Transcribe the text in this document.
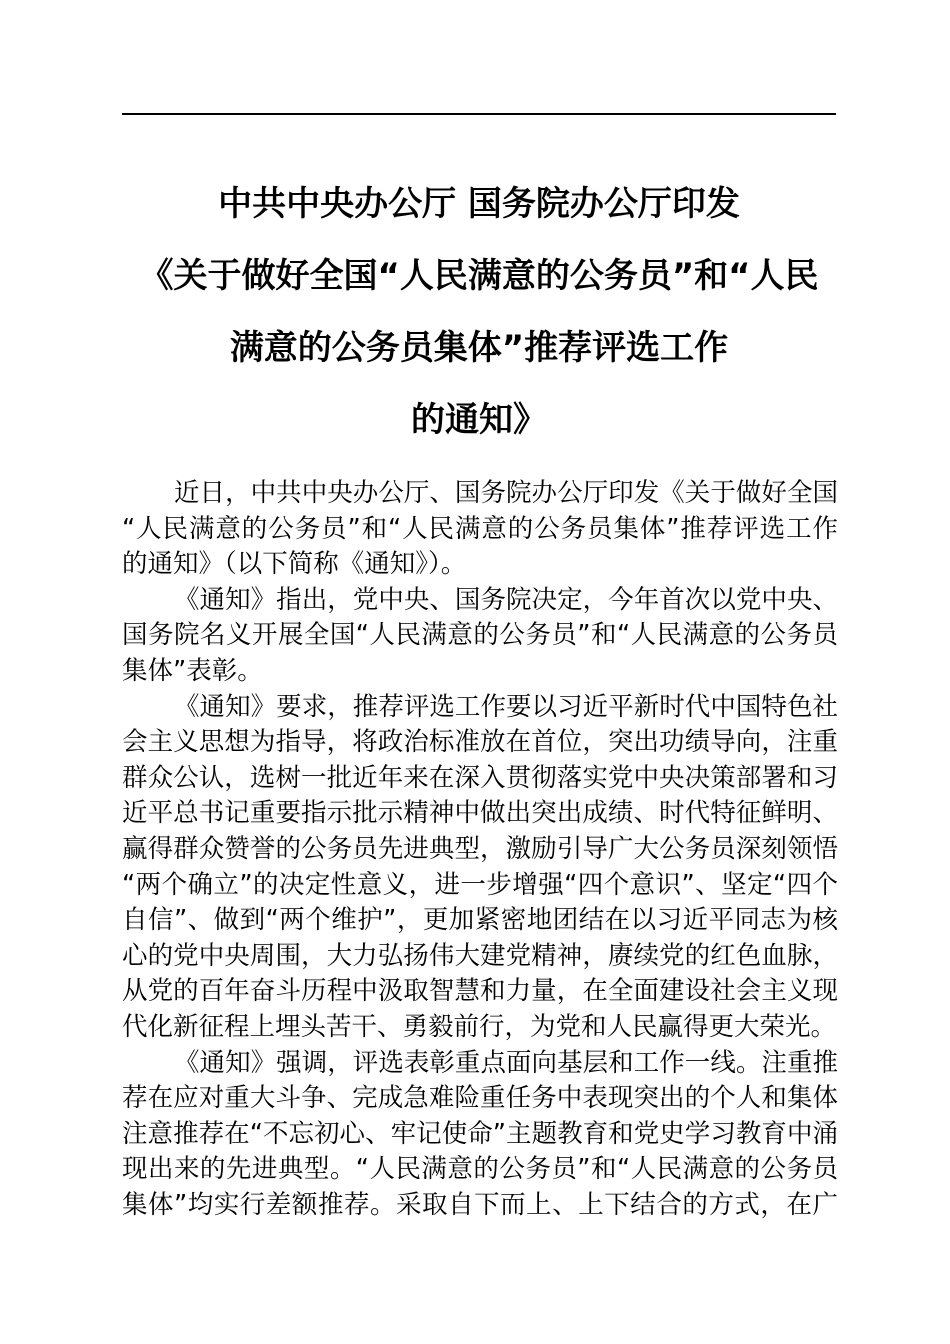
中共中央办公厅 国务院办公厅印发
《关于做好全国“人民满意的公务员”和“人民
满意的公务员集体”推荐评选工作
的通知》
近日，中共中央办公厅、国务院办公厅印发《关于做好全国
“人民满意的公务员”和“人民满意的公务员集体”推荐评选工作
的通知》（以下简称《通知》）。
《通知》指出，党中央、国务院决定，今年首次以党中央、
国务院名义开展全国“人民满意的公务员”和“人民满意的公务员
集体”表彰。
《通知》要求，推荐评选工作要以习近平新时代中国特色社
会主义思想为指导，将政治标准放在首位，突出功绩导向，注重
群众公认，选树一批近年来在深入贯彻落实党中央决策部署和习
近平总书记重要指示批示精神中做出突出成绩、时代特征鲜明、
赢得群众赞誉的公务员先进典型，激励引导广大公务员深刻领悟
“两个确立”的决定性意义，进一步增强“四个意识”、坚定“四个
自信”、做到“两个维护”，更加紧密地团结在以习近平同志为核
心的党中央周围，大力弘扬伟大建党精神，赓续党的红色血脉，
从党的百年奋斗历程中汲取智慧和力量，在全面建设社会主义现
代化新征程上埋头苦干、勇毅前行，为党和人民赢得更大荣光。
《通知》强调，评选表彰重点面向基层和工作一线。注重推
荐在应对重大斗争、完成急难险重任务中表现突出的个人和集体
注意推荐在“不忘初心、牢记使命”主题教育和党史学习教育中涌
现出来的先进典型。“人民满意的公务员”和“人民满意的公务员
集体”均实行差额推荐。采取自下而上、上下结合的方式，在广
